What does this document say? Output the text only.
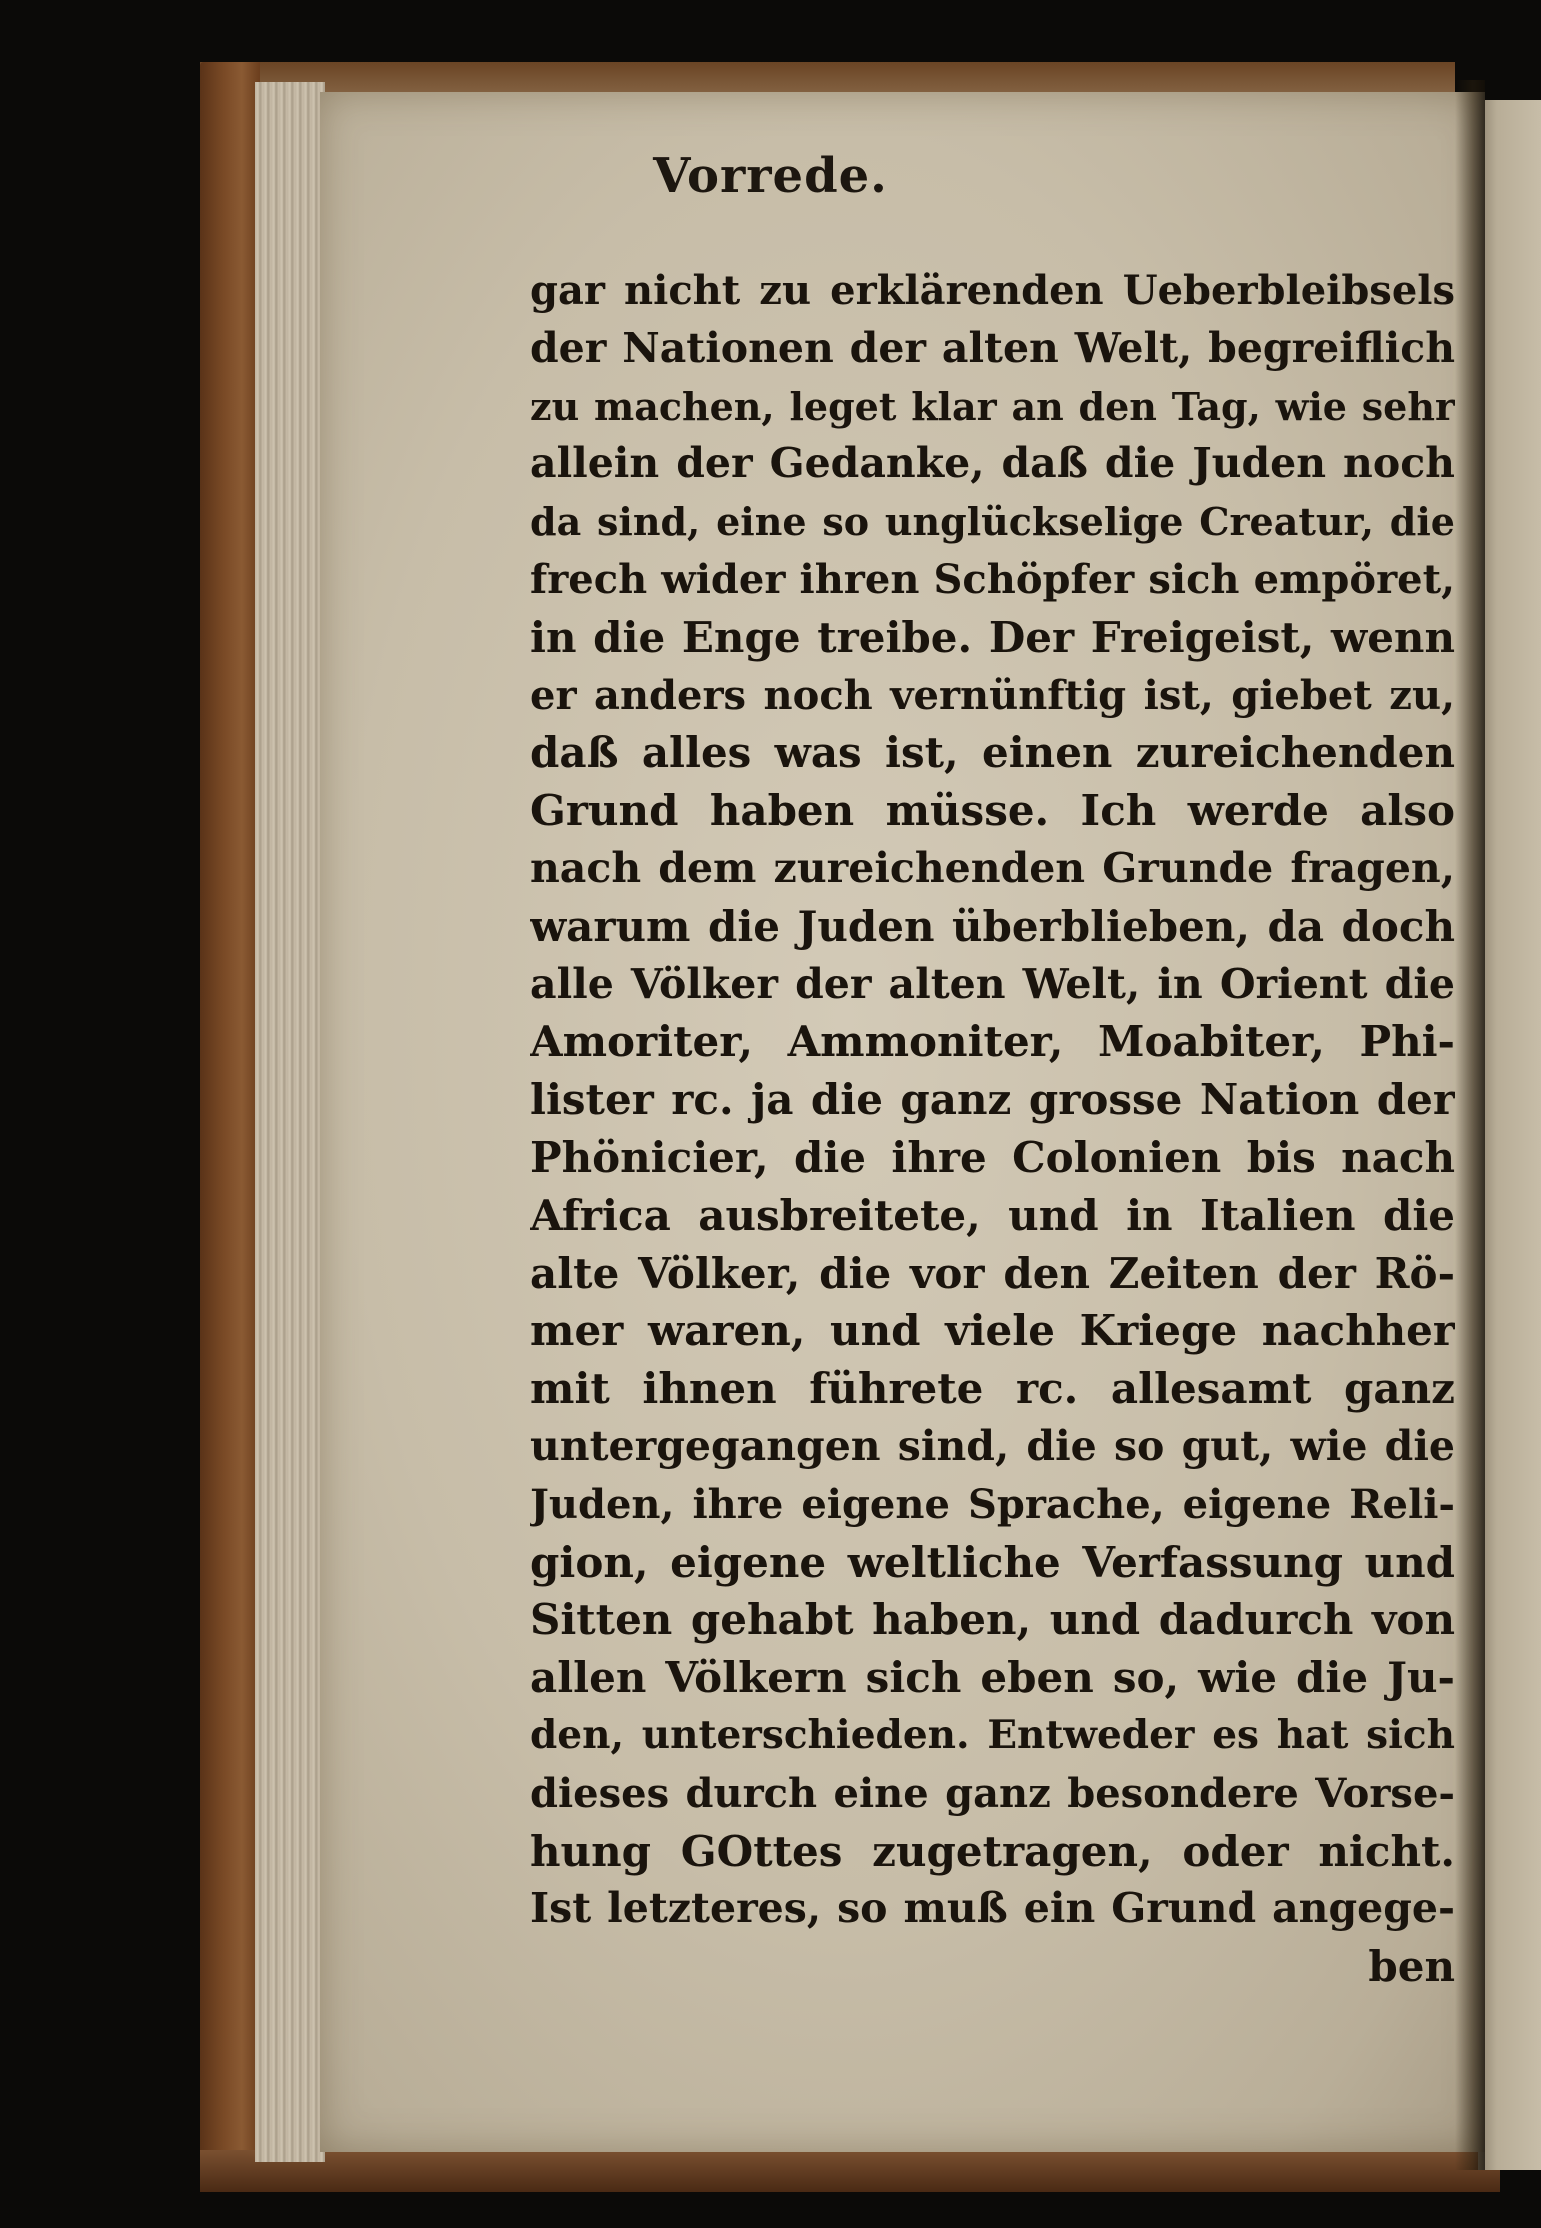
Vorrede.
gar nicht zu erklärenden Ueberbleibsels
der Nationen der alten Welt, begreiflich
zu machen, leget klar an den Tag, wie sehr
allein der Gedanke, daß die Juden noch
da sind, eine so unglückselige Creatur, die
frech wider ihren Schöpfer sich empöret,
in die Enge treibe. Der Freigeist, wenn
er anders noch vernünftig ist, giebet zu,
daß alles was ist, einen zureichenden
Grund haben müsse. Ich werde also
nach dem zureichenden Grunde fragen,
warum die Juden überblieben, da doch
alle Völker der alten Welt, in Orient die
Amoriter, Ammoniter, Moabiter, Phi-
lister rc. ja die ganz grosse Nation der
Phönicier, die ihre Colonien bis nach
Africa ausbreitete, und in Italien die
alte Völker, die vor den Zeiten der Rö-
mer waren, und viele Kriege nachher
mit ihnen führete rc. allesamt ganz
untergegangen sind, die so gut, wie die
Juden, ihre eigene Sprache, eigene Reli-
gion, eigene weltliche Verfassung und
Sitten gehabt haben, und dadurch von
allen Völkern sich eben so, wie die Ju-
den, unterschieden. Entweder es hat sich
dieses durch eine ganz besondere Vorse-
hung GOttes zugetragen, oder nicht.
Ist letzteres, so muß ein Grund angege-
ben
